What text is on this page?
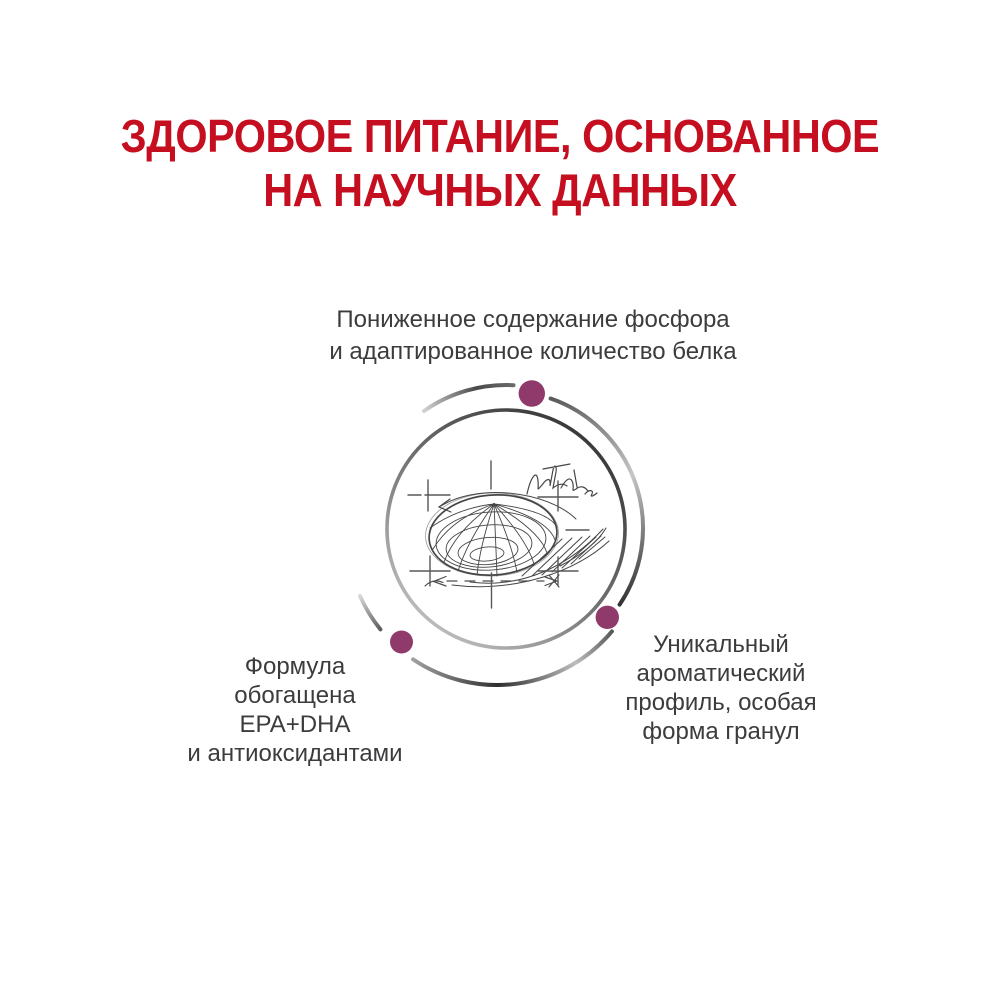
ЗДОРОВОЕ ПИТАНИЕ, ОСНОВАННОЕ
НА НАУЧНЫХ ДАННЫХ
Пониженное содержание фосфора
и адаптированное количество белка
Формула
обогащена
EPA+DHA
и антиоксидантами
Уникальный
ароматический
профиль, особая
форма гранул
